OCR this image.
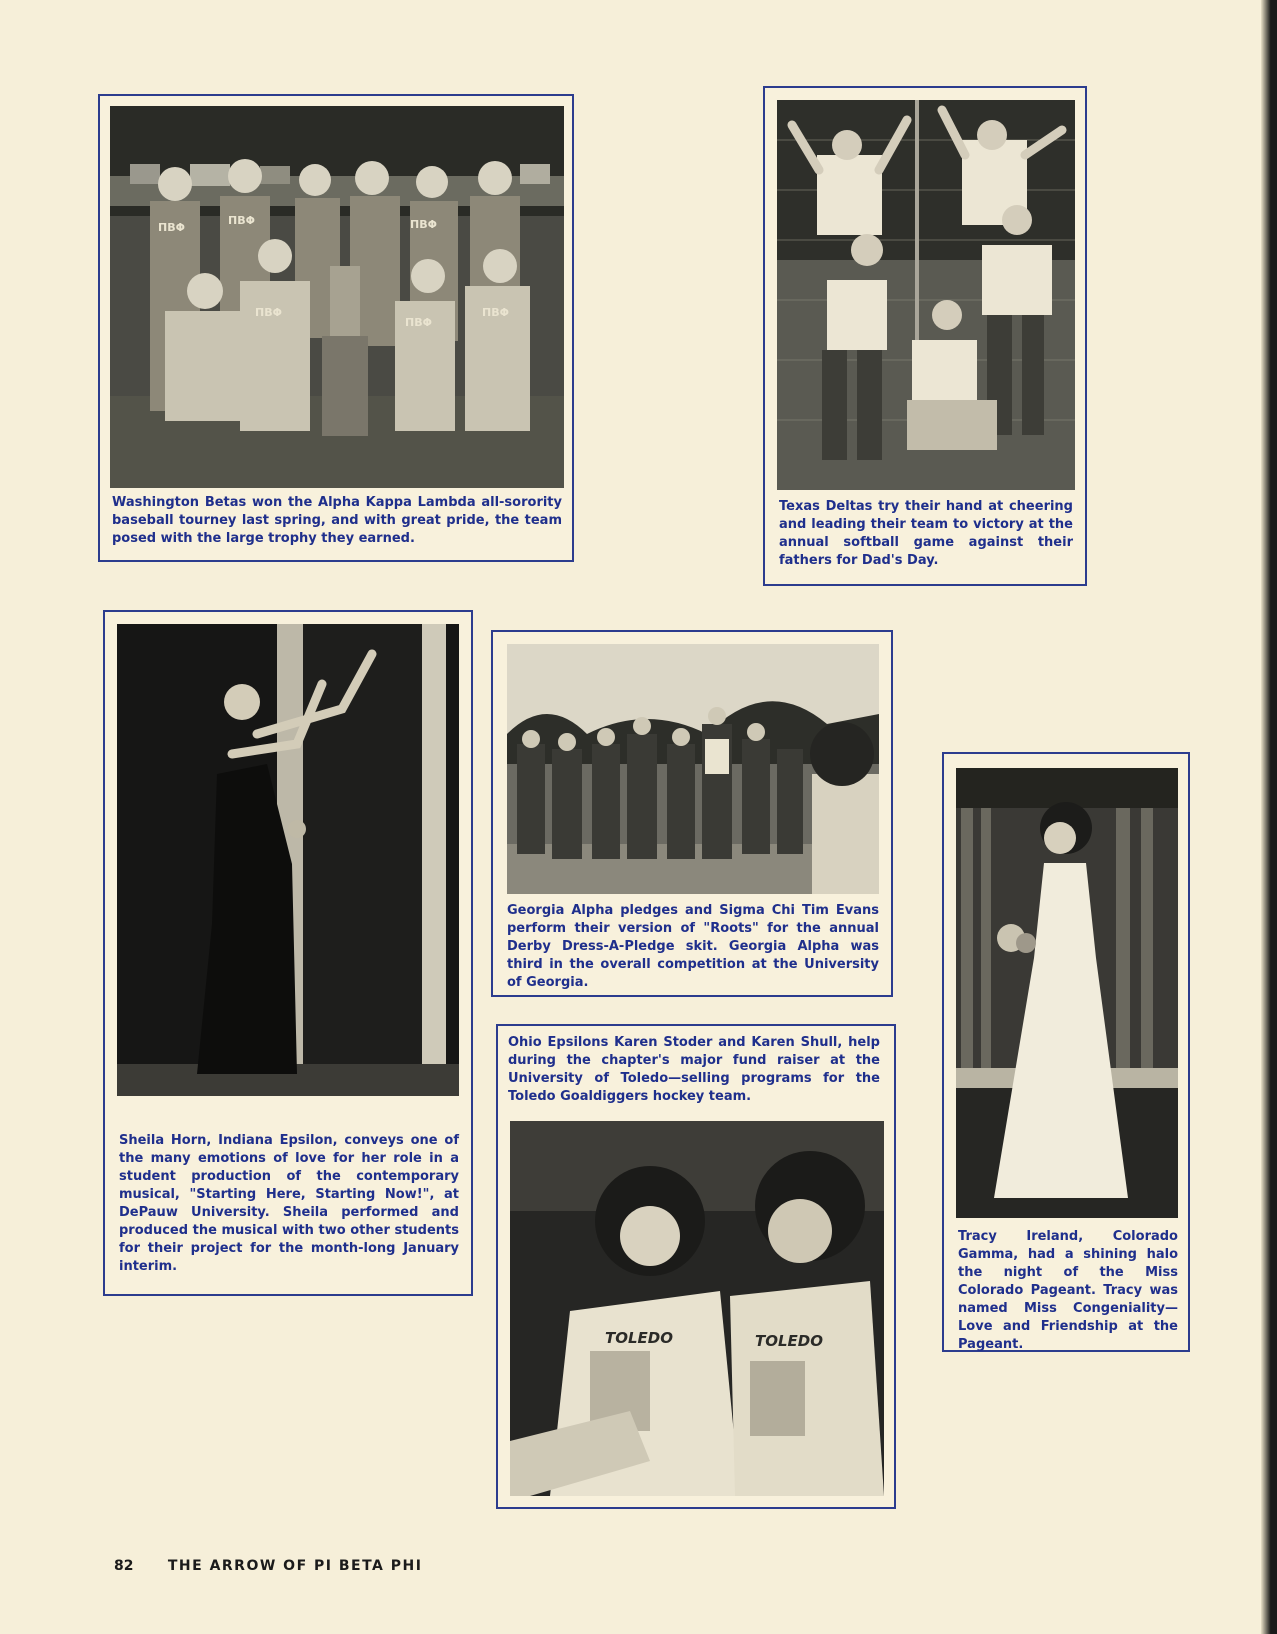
ΠΒΦ
ΠΒΦ	ΠΒΦ
ΠΒΦ
ΠΒΦ
ΠΒΦ

Washington Betas won the Alpha Kappa Lambda all-sorority baseball tourney last spring, and with great pride, the team posed with the large trophy they earned.

Texas Deltas try their hand at cheering and leading their team to victory at the annual softball game against their fathers for Dad's Day.

Sheila Horn, Indiana Epsilon, conveys one of the many emotions of love for her role in a student production of the contemporary musical, "Starting Here, Starting Now!", at DePauw University. Sheila performed and produced the musical with two other students for their project for the month-long January interim.

Georgia Alpha pledges and Sigma Chi Tim Evans perform their version of "Roots" for the annual Derby Dress-A-Pledge skit. Georgia Alpha was third in the overall competition at the University of Georgia.

Ohio Epsilons Karen Stoder and Karen Shull, help during the chapter's major fund raiser at the University of Toledo—selling programs for the Toledo Goaldiggers hockey team.

TOLEDO	TOLEDO

Tracy Ireland, Colorado Gamma, had a shining halo the night of the Miss Colorado Pageant. Tracy was named Miss Congeniality—Love and Friendship at the Pageant.

82 THE ARROW OF PI BETA PHI
